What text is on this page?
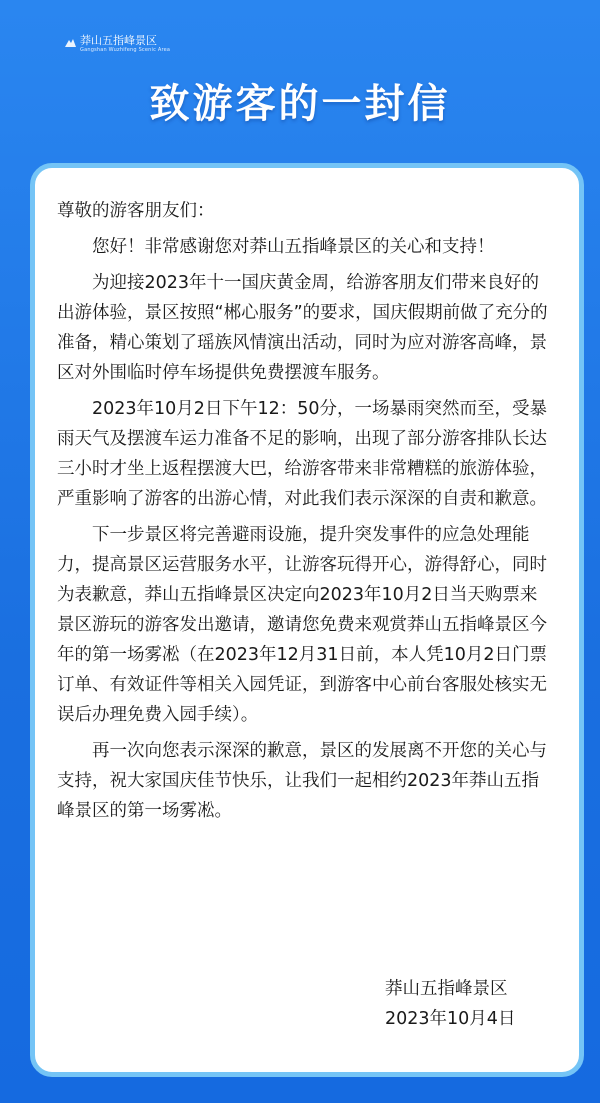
莽山五指峰景区
Gangshan Wuzhifeng Scenic Area
致游客的一封信

尊敬的游客朋友们：

您好！非常感谢您对莽山五指峰景区的关心和支持！

为迎接2023年十一国庆黄金周，给游客朋友们带来良好的出游体验，景区按照“郴心服务”的要求，国庆假期前做了充分的准备，精心策划了瑶族风情演出活动，同时为应对游客高峰，景区对外围临时停车场提供免费摆渡车服务。

2023年10月2日下午12：50分，一场暴雨突然而至，受暴雨天气及摆渡车运力准备不足的影响，出现了部分游客排队长达三小时才坐上返程摆渡大巴，给游客带来非常糟糕的旅游体验，严重影响了游客的出游心情，对此我们表示深深的自责和歉意。

下一步景区将完善避雨设施，提升突发事件的应急处理能力，提高景区运营服务水平，让游客玩得开心，游得舒心，同时为表歉意，莽山五指峰景区决定向2023年10月2日当天购票来景区游玩的游客发出邀请，邀请您免费来观赏莽山五指峰景区今年的第一场雾凇（在2023年12月31日前，本人凭10月2日门票订单、有效证件等相关入园凭证，到游客中心前台客服处核实无误后办理免费入园手续）。

再一次向您表示深深的歉意，景区的发展离不开您的关心与支持，祝大家国庆佳节快乐，让我们一起相约2023年莽山五指峰景区的第一场雾凇。

莽山五指峰景区
2023年10月4日
